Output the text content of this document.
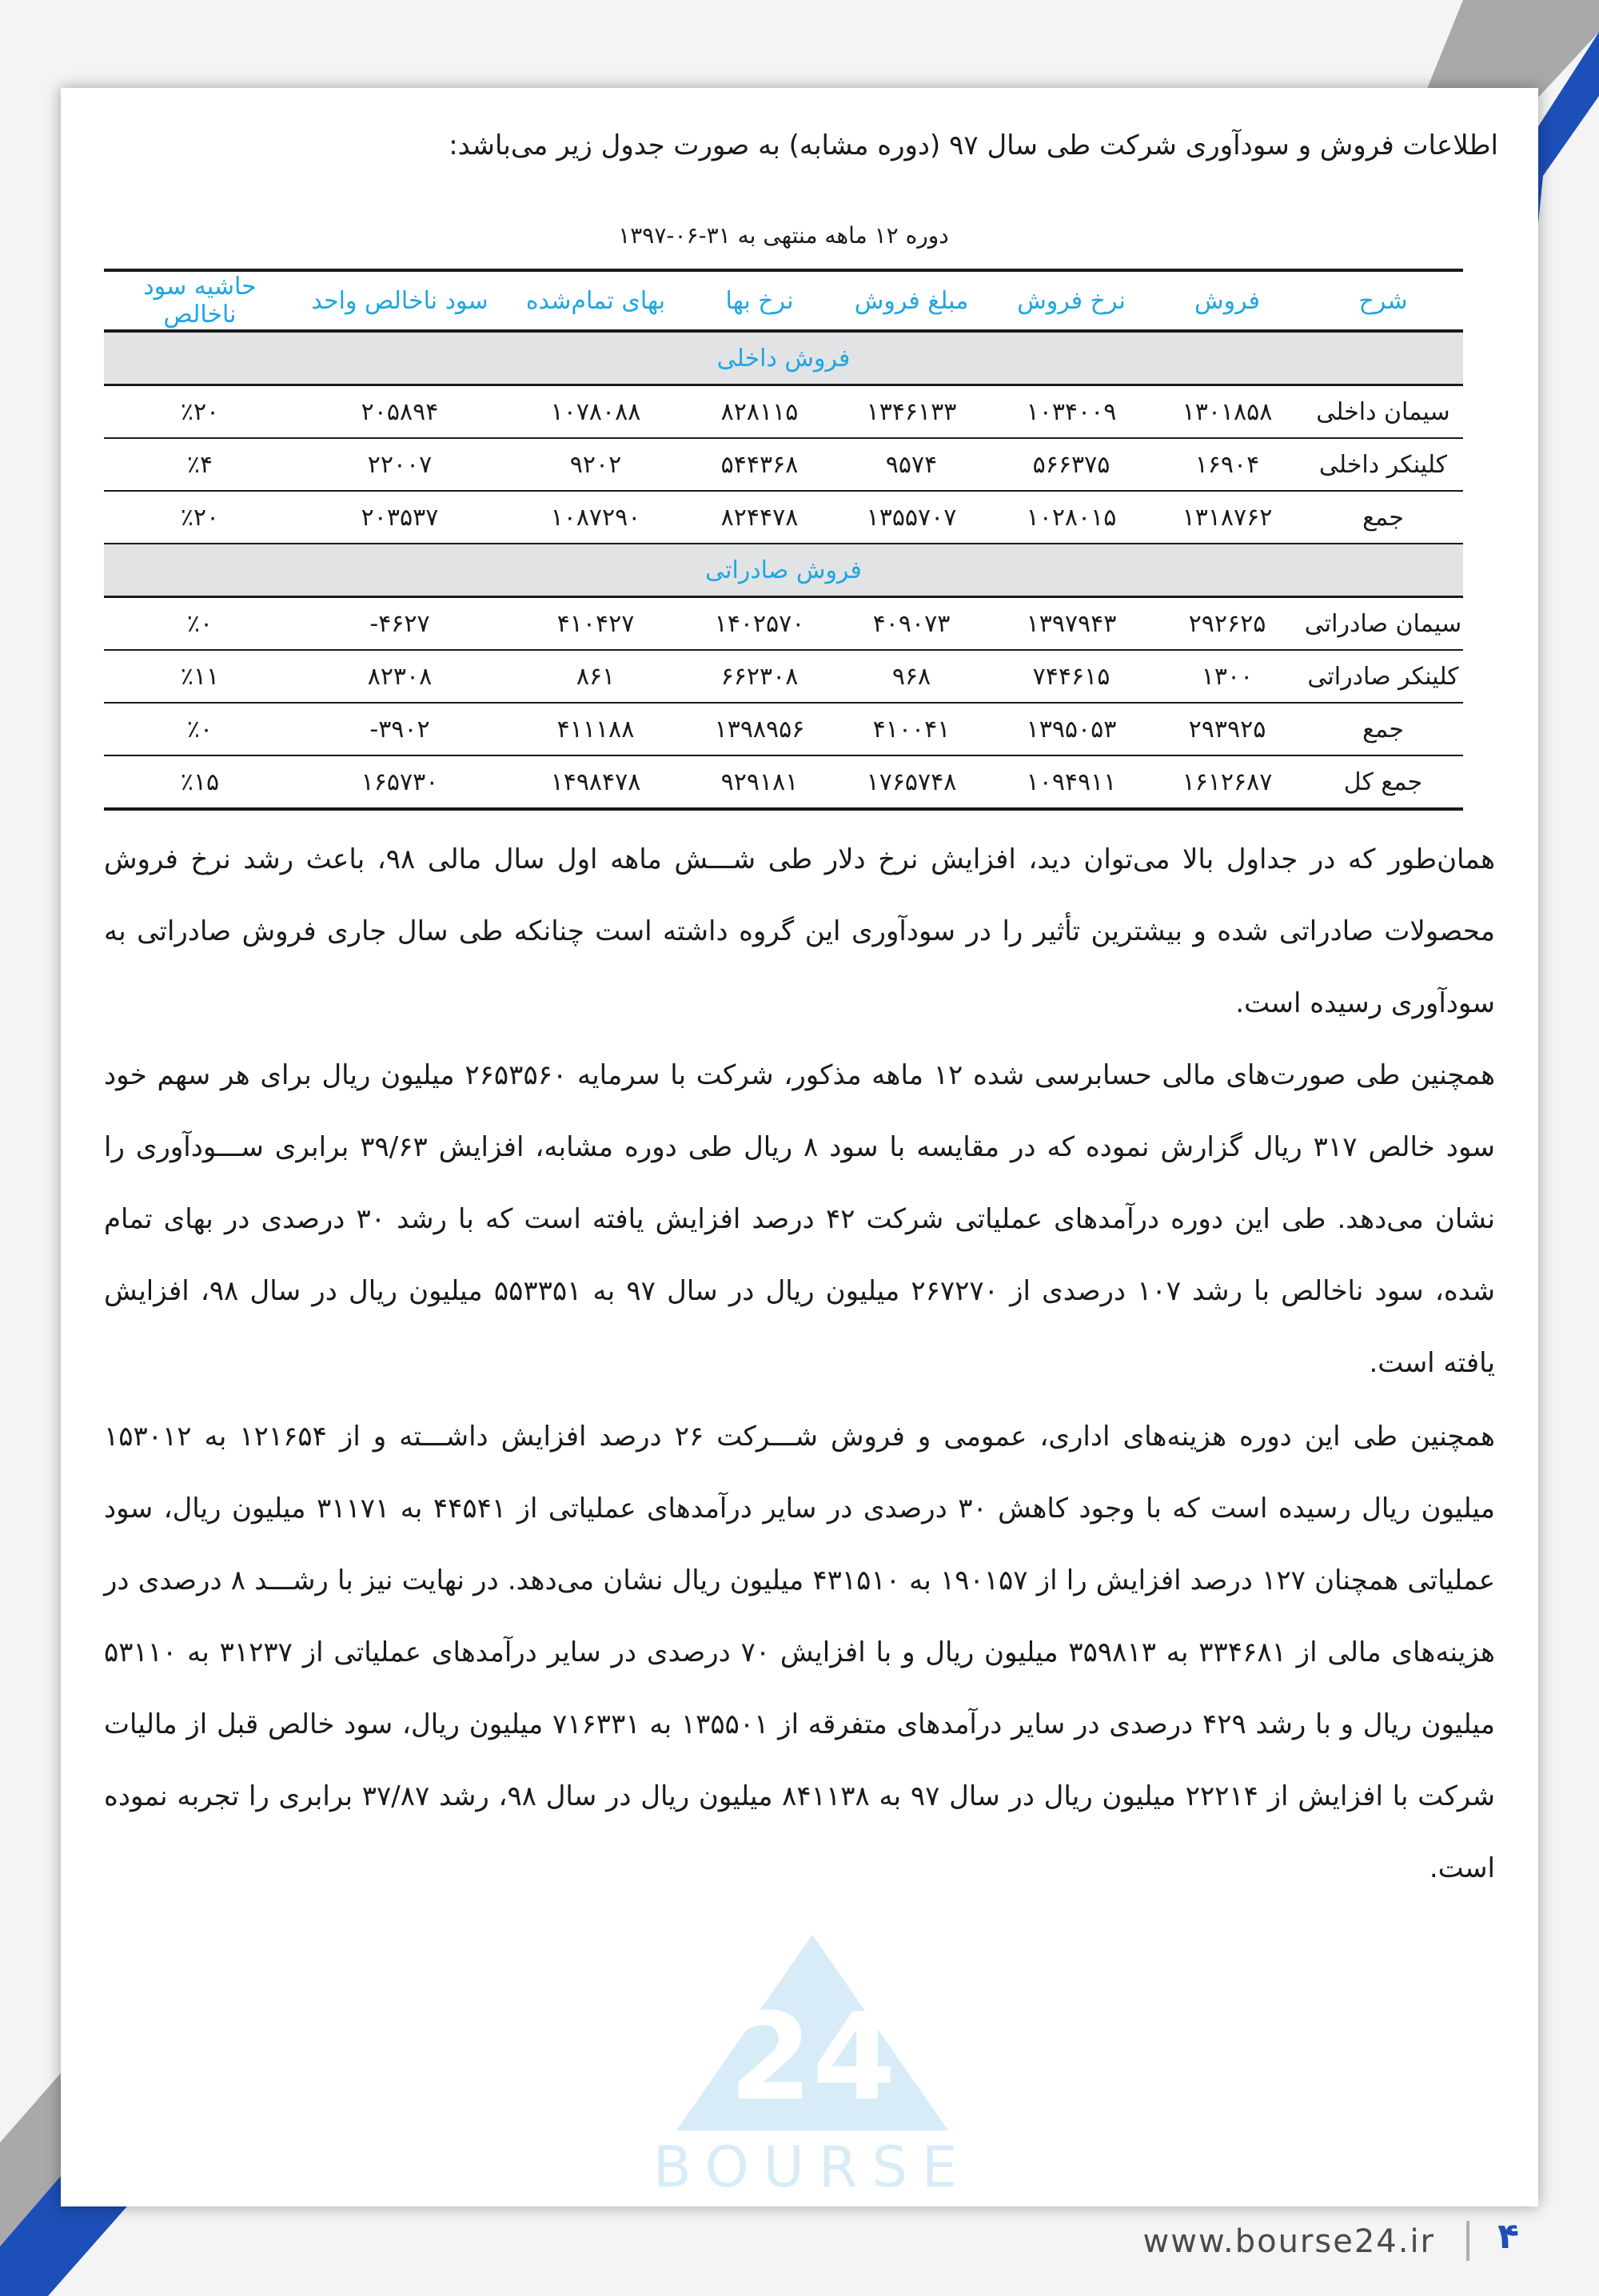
اطلاعات فروش و سودآوری شرکت طی سال ۹۷ (دوره مشابه) به صورت جدول زیر می‌باشد:
دوره ۱۲ ماهه منتهی به ۳۱-۰۶-۱۳۹۷
شرح	فروش	نرخ فروش	مبلغ فروش	نرخ بها	بهای تمام‌شده	سود ناخالص واحد	حاشیه سود ناخالص
فروش داخلی							
سیمان داخلی	۱۳۰۱۸۵۸	۱۰۳۴۰۰۹	۱۳۴۶۱۳۳	۸۲۸۱۱۵	۱۰۷۸۰۸۸	۲۰۵۸۹۴	٪۲۰
کلینکر داخلی	۱۶۹۰۴	۵۶۶۳۷۵	۹۵۷۴	۵۴۴۳۶۸	۹۲۰۲	۲۲۰۰۷	٪۴
جمع	۱۳۱۸۷۶۲	۱۰۲۸۰۱۵	۱۳۵۵۷۰۷	۸۲۴۴۷۸	۱۰۸۷۲۹۰	۲۰۳۵۳۷	٪۲۰
فروش صادراتی							
سیمان صادراتی	۲۹۲۶۲۵	۱۳۹۷۹۴۳	۴۰۹۰۷۳	۱۴۰۲۵۷۰	۴۱۰۴۲۷	۴۶۲۷-	٪۰
کلینکر صادراتی	۱۳۰۰	۷۴۴۶۱۵	۹۶۸	۶۶۲۳۰۸	۸۶۱	۸۲۳۰۸	٪۱۱
جمع	۲۹۳۹۲۵	۱۳۹۵۰۵۳	۴۱۰۰۴۱	۱۳۹۸۹۵۶	۴۱۱۱۸۸	۳۹۰۲-	٪۰
جمع کل	۱۶۱۲۶۸۷	۱۰۹۴۹۱۱	۱۷۶۵۷۴۸	۹۲۹۱۸۱	۱۴۹۸۴۷۸	۱۶۵۷۳۰	٪۱۵

همان‌طور که در جداول بالا می‌توان دید، افزایش نرخ دلار طی شـــش ماهه اول سال مالی ۹۸، باعث رشد نرخ فروش محصولات صادراتی شده و بیشترین تأثیر را در سودآوری این گروه داشته است چنانکه طی سال جاری فروش صادراتی به سودآوری رسیده است.

همچنین طی صورت‌های مالی حسابرسی شده ۱۲ ماهه مذکور، شرکت با سرمایه ۲۶۵۳۵۶۰ میلیون ریال برای هر سهم خود سود خالص ۳۱۷ ریال گزارش نموده که در مقایسه با سود ۸ ریال طی دوره مشابه، افزایش ۳۹/۶۳ برابری ســـودآوری را نشان می‌دهد. طی این دوره درآمدهای عملیاتی شرکت ۴۲ درصد افزایش یافته است که با رشد ۳۰ درصدی در بهای تمام شده، سود ناخالص با رشد ۱۰۷ درصدی از ۲۶۷۲۷۰ میلیون ریال در سال ۹۷ به ۵۵۳۳۵۱ میلیون ریال در سال ۹۸، افزایش یافته است.

همچنین طی این دوره هزینه‌های اداری، عمومی و فروش شـــرکت ۲۶ درصد افزایش داشـــته و از ۱۲۱۶۵۴ به ۱۵۳۰۱۲ میلیون ریال رسیده است که با وجود کاهش ۳۰ درصدی در سایر درآمدهای عملیاتی از ۴۴۵۴۱ به ۳۱۱۷۱ میلیون ریال، سود عملیاتی همچنان ۱۲۷ درصد افزایش را از ۱۹۰۱۵۷ به ۴۳۱۵۱۰ میلیون ریال نشان می‌دهد. در نهایت نیز با رشـــد ۸ درصدی در هزینه‌های مالی از ۳۳۴۶۸۱ به ۳۵۹۸۱۳ میلیون ریال و با افزایش ۷۰ درصدی در سایر درآمدهای عملیاتی از ۳۱۲۳۷ به ۵۳۱۱۰ میلیون ریال و با رشد ۴۲۹ درصدی در سایر درآمدهای متفرقه از ۱۳۵۵۰۱ به ۷۱۶۳۳۱ میلیون ریال، سود خالص قبل از مالیات شرکت با افزایش از ۲۲۲۱۴ میلیون ریال در سال ۹۷ به ۸۴۱۱۳۸ میلیون ریال در سال ۹۸، رشد ۳۷/۸۷ برابری را تجربه نموده است.

24
BOURSE
www.bourse24.ir ۴
